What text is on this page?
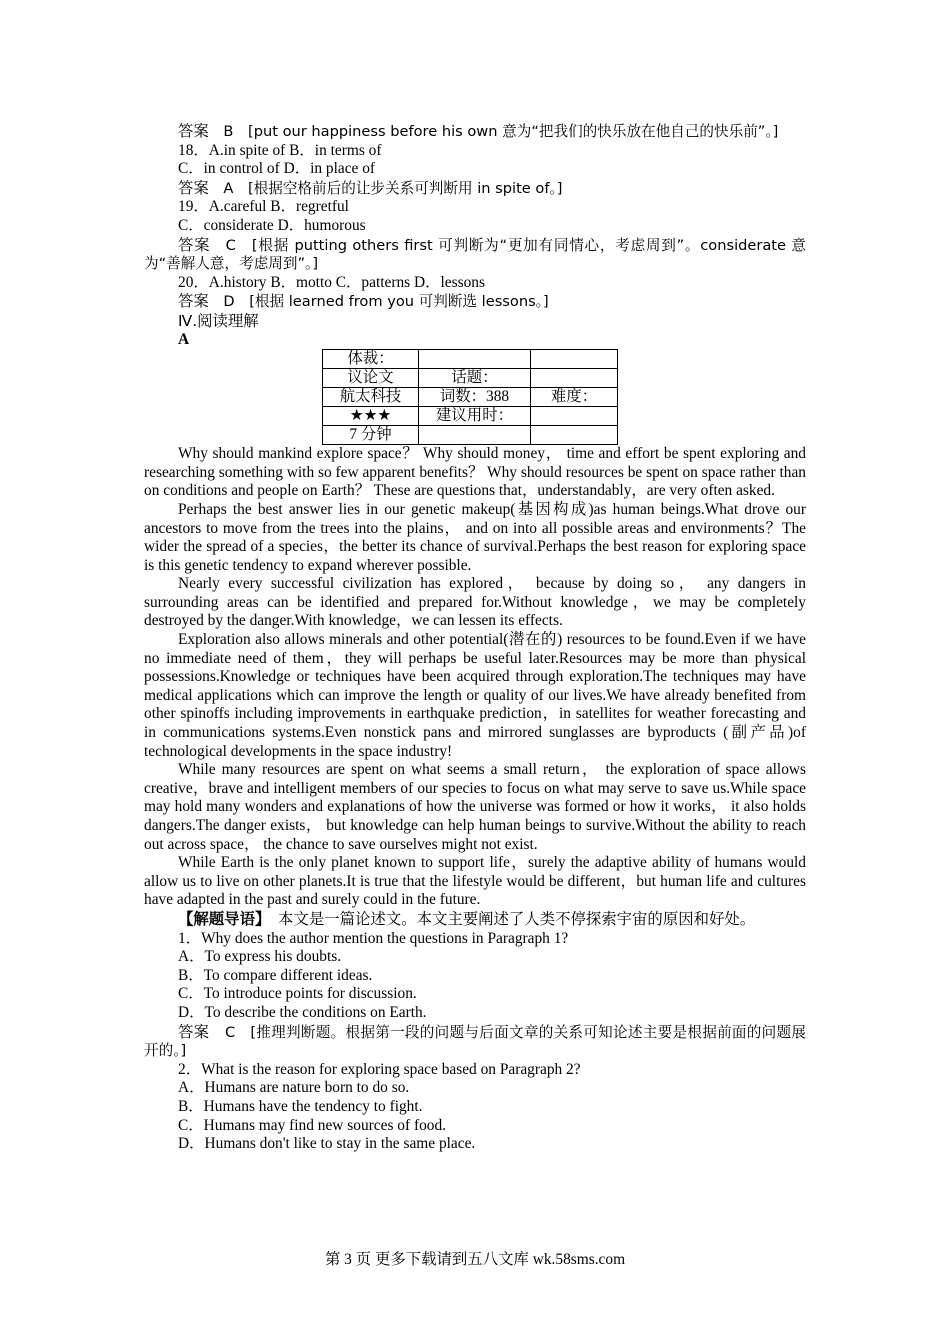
答案　B　[put our happiness before his own 意为“把我们的快乐放在他自己的快乐前”。]

18．A.in spite of B．in terms of

C．in control of D．in place of

答案　A　[根据空格前后的让步关系可判断用 in spite of。]

19．A.careful B．regretful

C．considerate D．humorous

答案　C　[根据 putting others first 可判断为“更加有同情心，考虑周到”。considerate 意为“善解人意，考虑周到”。]

20．A.history B．motto C．patterns D．lessons

答案　D　[根据 learned from you 可判断选 lessons。]

Ⅳ.阅读理解

A

体裁：		
议论文	话题：	
航太科技	词数：388	难度：
★★★	建议用时：	
7 分钟		

Why should mankind explore space？ Why should money， time and effort be spent exploring and researching something with so few apparent benefits？ Why should resources be spent on space rather than on conditions and people on Earth？ These are questions that，understandably，are very often asked.

Perhaps the best answer lies in our genetic makeup(基因构成)as human beings.What drove our ancestors to move from the trees into the plains， and on into all possible areas and environments？The wider the spread of a species，the better its chance of survival.Perhaps the best reason for exploring space is this genetic tendency to expand wherever possible.

Nearly every successful civilization has explored， because by doing so， any dangers in surrounding areas can be identified and prepared for.Without knowledge，we may be completely destroyed by the danger.With knowledge，we can lessen its effects.

Exploration also allows minerals and other potential(潜在的) resources to be found.Even if we have no immediate need of them，they will perhaps be useful later.Resources may be more than physical possessions.Knowledge or techniques have been acquired through exploration.The techniques may have medical applications which can improve the length or quality of our lives.We have already benefited from other spinoffs including improvements in earthquake prediction，in satellites for weather forecasting and in communications systems.Even nonstick pans and mirrored sunglasses are byproducts (副产品)of technological developments in the space industry!

While many resources are spent on what seems a small return， the exploration of space allows creative，brave and intelligent members of our species to focus on what may serve to save us.While space may hold many wonders and explanations of how the universe was formed or how it works， it also holds dangers.The danger exists， but knowledge can help human beings to survive.Without the ability to reach out across space， the chance to save ourselves might not exist.

While Earth is the only planet known to support life，surely the adaptive ability of humans would allow us to live on other planets.It is true that the lifestyle would be different，but human life and cultures have adapted in the past and surely could in the future.

【解题导语】　本文是一篇论述文。本文主要阐述了人类不停探索宇宙的原因和好处。

1．Why does the author mention the questions in Paragraph 1?

A．To express his doubts.

B．To compare different ideas.

C．To introduce points for discussion.

D．To describe the conditions on Earth.

答案　 C　[推理判断题。根据第一段的问题与后面文章的关系可知论述主要是根据前面的问题展开的。]

2．What is the reason for exploring space based on Paragraph 2?

A．Humans are nature born to do so.

B．Humans have the tendency to fight.

C．Humans may find new sources of food.

D．Humans don't like to stay in the same place.

第 3 页 更多下载请到五八文库 wk.58sms.com
